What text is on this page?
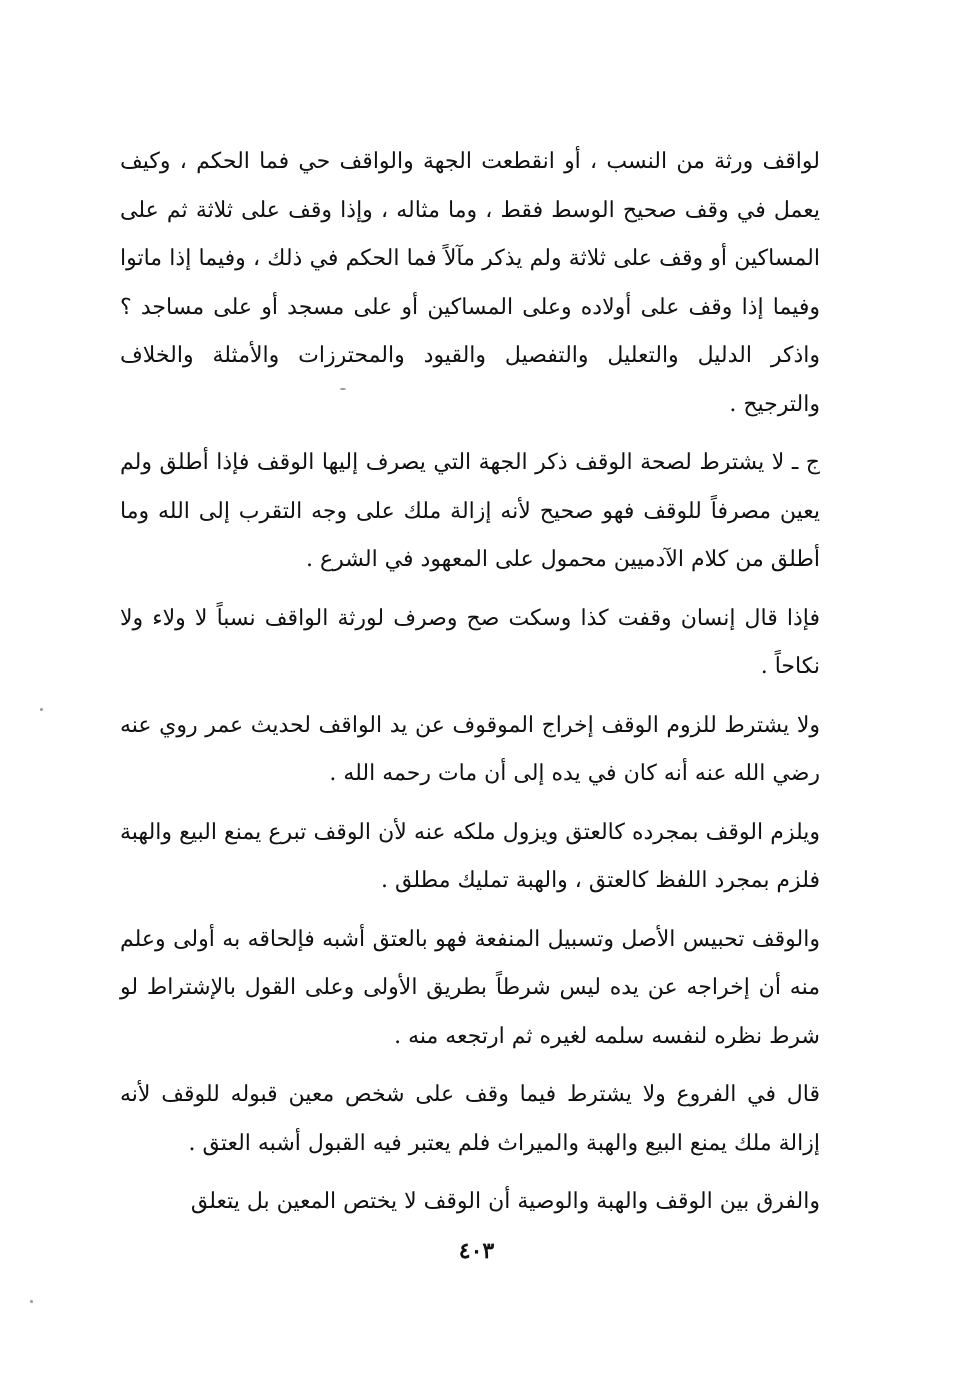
لواقف ورثة من النسب ، أو انقطعت الجهة والواقف حي فما الحكم ، وكيف يعمل في وقف صحيح الوسط فقط ، وما مثاله ، وإذا وقف على ثلاثة ثم على المساكين أو وقف على ثلاثة ولم يذكر مآلاً فما الحكم في ذلك ، وفيما إذا ماتوا وفيما إذا وقف على أولاده وعلى المساكين أو على مسجد أو على مساجد ؟ واذكر الدليل والتعليل والتفصيل والقيود والمحترزات والأمثلة والخلاف والترجيح .

ج ـ لا يشترط لصحة الوقف ذكر الجهة التي يصرف إليها الوقف فإذا أطلق ولم يعين مصرفاً للوقف فهو صحيح لأنه إزالة ملك على وجه التقرب إلى الله وما أطلق من كلام الآدميين محمول على المعهود في الشرع .

فإذا قال إنسان وقفت كذا وسكت صح وصرف لورثة الواقف نسباً لا ولاء ولا نكاحاً .

ولا يشترط للزوم الوقف إخراج الموقوف عن يد الواقف لحديث عمر روي عنه رضي الله عنه أنه كان في يده إلى أن مات رحمه الله .

ويلزم الوقف بمجرده كالعتق ويزول ملكه عنه لأن الوقف تبرع يمنع البيع والهبة فلزم بمجرد اللفظ كالعتق ، والهبة تمليك مطلق .

والوقف تحبيس الأصل وتسبيل المنفعة فهو بالعتق أشبه فإلحاقه به أولى وعلم منه أن إخراجه عن يده ليس شرطاً بطريق الأولى وعلى القول بالإشتراط لو شرط نظره لنفسه سلمه لغيره ثم ارتجعه منه .

قال في الفروع ولا يشترط فيما وقف على شخص معين قبوله للوقف لأنه إزالة ملك يمنع البيع والهبة والميراث فلم يعتبر فيه القبول أشبه العتق .

والفرق بين الوقف والهبة والوصية أن الوقف لا يختص المعين بل يتعلق

٤٠٣
